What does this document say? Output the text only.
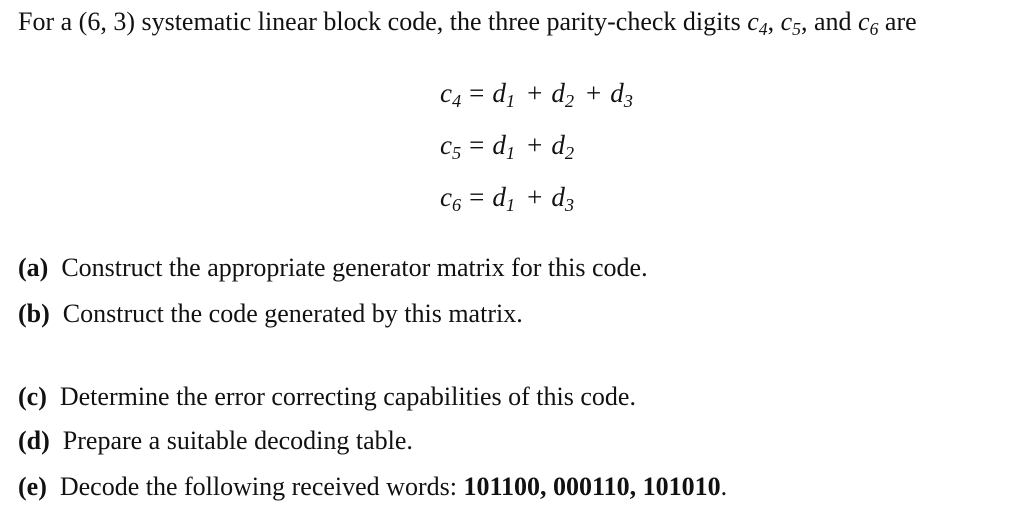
For a (6, 3) systematic linear block code, the three parity-check digits $c_4$, $c_5$, and $c_6$ are
$c_4 = d_1 + d_2 + d_3$
$c_5 = d_1 + d_2$
$c_6 = d_1 + d_3$
(a) Construct the appropriate generator matrix for this code.
(b) Construct the code generated by this matrix.
(c) Determine the error correcting capabilities of this code.
(d) Prepare a suitable decoding table.
(e) Decode the following received words: 101100, 000110, 101010.
